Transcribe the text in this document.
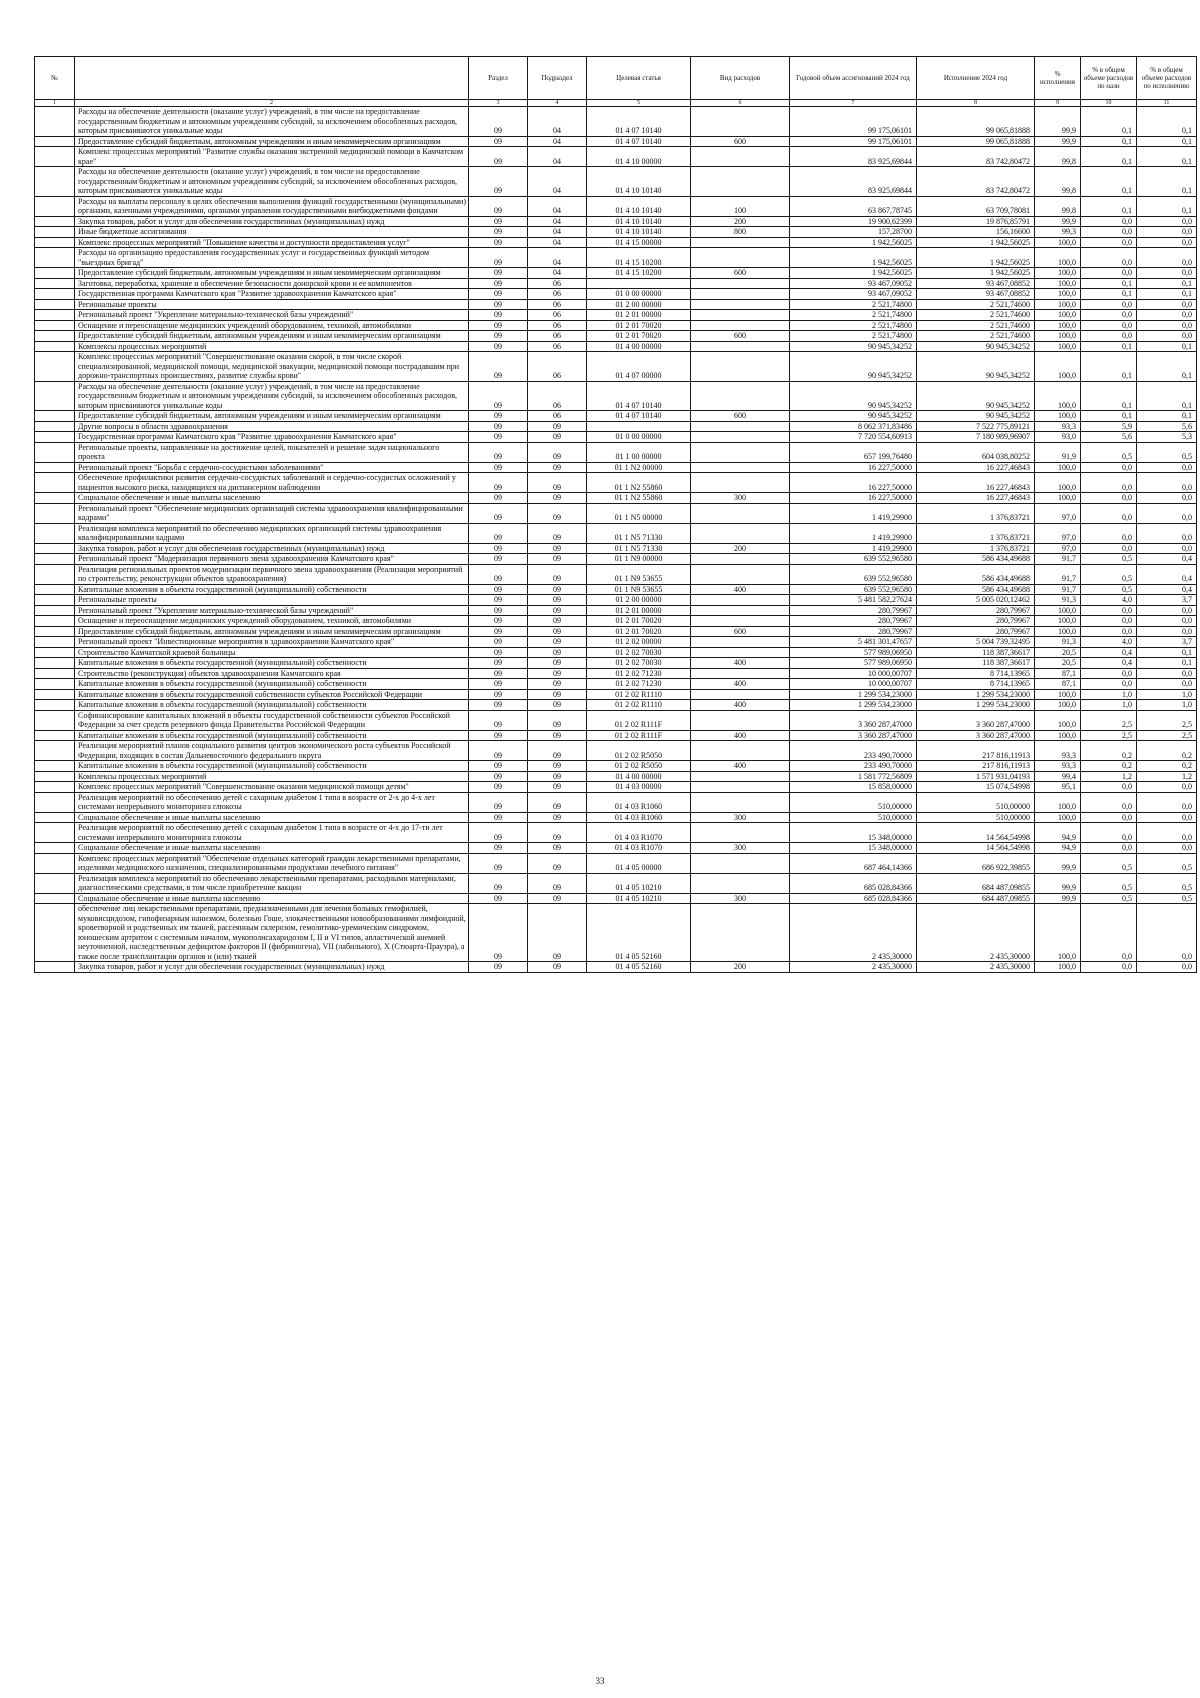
№		Раздел	Подраздел	Целевая статья	Вид расходов	Годовой объем ассигнований 2024 год	Исполнение 2024 год	% исполнения	% в общем объеме расходов по назн	% в общем объеме расходов по исполнению
1	2	3	4	5	6	7	8	9	10	11
	Расходы на обеспечение деятельности (оказание услуг) учреждений, в том числе на предоставление государственным бюджетным и автономным учреждениям субсидий, за исключением обособленных расходов, которым присваиваются уникальные коды	09	04	01 4 07 10140		99 175,06101	99 065,81888	99,9	0,1	0,1
	Предоставление субсидий бюджетным, автономным учреждениям и иным некоммерческим организациям	09	04	01 4 07 10140	600	99 175,06101	99 065,81888	99,9	0,1	0,1
	Комплекс процессных мероприятий "Развитие службы оказания экстренной медицинской помощи в Камчатском крае"	09	04	01 4 10 00000		83 925,69844	83 742,80472	99,8	0,1	0,1
	Расходы на обеспечение деятельности (оказание услуг) учреждений, в том числе на предоставление государственным бюджетным и автономным учреждениям субсидий, за исключением обособленных расходов, которым присваиваются уникальные коды	09	04	01 4 10 10140		83 925,69844	83 742,80472	99,8	0,1	0,1
	Расходы на выплаты персоналу в целях обеспечения выполнения функций государственными (муниципальными) органами, казенными учреждениями, органами управления государственными внебюджетными фондами	09	04	01 4 10 10140	100	63 867,78745	63 709,78081	99,8	0,1	0,1
	Закупка товаров, работ и услуг для обеспечения государственных (муниципальных) нужд	09	04	01 4 10 10140	200	19 900,62399	19 876,85791	99,9	0,0	0,0
	Иные бюджетные ассигнования	09	04	01 4 10 10140	800	157,28700	156,16600	99,3	0,0	0,0
	Комплекс процессных мероприятий "Повышение качества и доступности предоставления услуг"	09	04	01 4 15 00000		1 942,56025	1 942,56025	100,0	0,0	0,0
	Расходы на организацию предоставления государственных услуг и государственных функций методом "выездных бригад"	09	04	01 4 15 10200		1 942,56025	1 942,56025	100,0	0,0	0,0
	Предоставление субсидий бюджетным, автономным учреждениям и иным некоммерческим организациям	09	04	01 4 15 10200	600	1 942,56025	1 942,56025	100,0	0,0	0,0
	Заготовка, переработка, хранение и обеспечение безопасности донорской крови и ее компонентов	09	06			93 467,09052	93 467,08852	100,0	0,1	0,1
	Государственная программа Камчатского края "Развитие здравоохранения Камчатского края"	09	06	01 0 00 00000		93 467,09052	93 467,08852	100,0	0,1	0,1
	Региональные проекты	09	06	01 2 00 00000		2 521,74800	2 521,74600	100,0	0,0	0,0
	Региональный проект "Укрепление материально-технической базы учреждений"	09	06	01 2 01 00000		2 521,74800	2 521,74600	100,0	0,0	0,0
	Оснащение и переоснащение медицинских учреждений оборудованием, техникой, автомобилями	09	06	01 2 01 70020		2 521,74800	2 521,74600	100,0	0,0	0,0
	Предоставление субсидий бюджетным, автономным учреждениям и иным некоммерческим организациям	09	06	01 2 01 70020	600	2 521,74800	2 521,74600	100,0	0,0	0,0
	Комплексы процессных мероприятий	09	06	01 4 00 00000		90 945,34252	90 945,34252	100,0	0,1	0,1
	Комплекс процессных мероприятий "Совершенствование оказания скорой, в том числе скорой специализированной, медицинской помощи, медицинской эвакуации, медицинской помощи пострадавшим при дорожно-транспортных происшествиях, развитие службы крови"	09	06	01 4 07 00000		90 945,34252	90 945,34252	100,0	0,1	0,1
	Расходы на обеспечение деятельности (оказание услуг) учреждений, в том числе на предоставление государственным бюджетным и автономным учреждениям субсидий, за исключением обособленных расходов, которым присваиваются уникальные коды	09	06	01 4 07 10140		90 945,34252	90 945,34252	100,0	0,1	0,1
	Предоставление субсидий бюджетным, автономным учреждениям и иным некоммерческим организациям	09	06	01 4 07 10140	600	90 945,34252	90 945,34252	100,0	0,1	0,1
	Другие вопросы в области здравоохранения	09	09			8 062 371,83486	7 522 775,89121	93,3	5,9	5,6
	Государственная программа Камчатского края "Развитие здравоохранения Камчатского края"	09	09	01 0 00 00000		7 720 554,60913	7 180 989,96907	93,0	5,6	5,3
	Региональные проекты, направленные на достижение целей, показателей и решение задач национального проекта	09	09	01 1 00 00000		657 199,76480	604 038,80252	91,9	0,5	0,5
	Региональный проект "Борьба с сердечно-сосудистыми заболеваниями"	09	09	01 1 N2 00000		16 227,50000	16 227,46843	100,0	0,0	0,0
	Обеспечение профилактики развития сердечно-сосудистых заболеваний и сердечно-сосудистых осложнений у пациентов высокого риска, находящихся на диспансерном наблюдении	09	09	01 1 N2 55860		16 227,50000	16 227,46843	100,0	0,0	0,0
	Социальное обеспечение и иные выплаты населению	09	09	01 1 N2 55860	300	16 227,50000	16 227,46843	100,0	0,0	0,0
	Региональный проект "Обеспечение медицинских организаций системы здравоохранения квалифицированными кадрами"	09	09	01 1 N5 00000		1 419,29900	1 376,83721	97,0	0,0	0,0
	Реализация комплекса мероприятий по обеспечению медицинских организаций системы здравоохранения квалифицированными кадрами	09	09	01 1 N5 71330		1 419,29900	1 376,83721	97,0	0,0	0,0
	Закупка товаров, работ и услуг для обеспечения государственных (муниципальных) нужд	09	09	01 1 N5 71330	200	1 419,29900	1 376,83721	97,0	0,0	0,0
	Региональный проект "Модернизация первичного звена здравоохранения Камчатского края"	09	09	01 1 N9 00000		639 552,96580	586 434,49688	91,7	0,5	0,4
	Реализация региональных проектов модернизации первичного звена здравоохранения (Реализация мероприятий по строительству, реконструкции объектов здравоохранения)	09	09	01 1 N9 53655		639 552,96580	586 434,49688	91,7	0,5	0,4
	Капитальные вложения в объекты государственной (муниципальной) собственности	09	09	01 1 N9 53655	400	639 552,96580	586 434,49688	91,7	0,5	0,4
	Региональные проекты	09	09	01 2 00 00000		5 481 582,27624	5 005 020,12462	91,3	4,0	3,7
	Региональный проект "Укрепление материально-технической базы учреждений"	09	09	01 2 01 00000		280,79967	280,79967	100,0	0,0	0,0
	Оснащение и переоснащение медицинских учреждений оборудованием, техникой, автомобилями	09	09	01 2 01 70020		280,79967	280,79967	100,0	0,0	0,0
	Предоставление субсидий бюджетным, автономным учреждениям и иным некоммерческим организациям	09	09	01 2 01 70020	600	280,79967	280,79967	100,0	0,0	0,0
	Региональный проект "Инвестиционные мероприятия в здравоохранении Камчатского края"	09	09	01 2 02 00000		5 481 301,47657	5 004 739,32495	91,3	4,0	3,7
	Строительство Камчатской краевой больницы	09	09	01 2 02 70030		577 989,06950	118 387,36617	20,5	0,4	0,1
	Капитальные вложения в объекты государственной (муниципальной) собственности	09	09	01 2 02 70030	400	577 989,06950	118 387,36617	20,5	0,4	0,1
	Строительство (реконструкция) объектов здравоохранения Камчатского края	09	09	01 2 02 71230		10 000,00707	8 714,13965	87,1	0,0	0,0
	Капитальные вложения в объекты государственной (муниципальной) собственности	09	09	01 2 02 71230	400	10 000,00707	8 714,13965	87,1	0,0	0,0
	Капитальные вложения в объекты государственной собственности субъектов Российской Федерации	09	09	01 2 02 R1110		1 299 534,23000	1 299 534,23000	100,0	1,0	1,0
	Капитальные вложения в объекты государственной (муниципальной) собственности	09	09	01 2 02 R1110	400	1 299 534,23000	1 299 534,23000	100,0	1,0	1,0
	Софинансирование капитальных вложений в объекты государственной собственности субъектов Российской Федерации за счет средств резервного фонда Правительства Российской Федерации	09	09	01 2 02 R111F		3 360 287,47000	3 360 287,47000	100,0	2,5	2,5
	Капитальные вложения в объекты государственной (муниципальной) собственности	09	09	01 2 02 R111F	400	3 360 287,47000	3 360 287,47000	100,0	2,5	2,5
	Реализация мероприятий планов социального развития центров экономического роста субъектов Российской Федерации, входящих в состав Дальневосточного федерального округа	09	09	01 2 02 R5050		233 490,70000	217 816,11913	93,3	0,2	0,2
	Капитальные вложения в объекты государственной (муниципальной) собственности	09	09	01 2 02 R5050	400	233 490,70000	217 816,11913	93,3	0,2	0,2
	Комплексы процессных мероприятий	09	09	01 4 00 00000		1 581 772,56809	1 571 931,04193	99,4	1,2	1,2
	Комплекс процессных мероприятий "Совершенствование оказания медицинской помощи детям"	09	09	01 4 03 00000		15 858,00000	15 074,54998	95,1	0,0	0,0
	Реализация мероприятий по обеспечению детей с сахарным диабетом 1 типа в возрасте от 2-х до 4-х лет системами непрерывного мониторинга глюкозы	09	09	01 4 03 R1060		510,00000	510,00000	100,0	0,0	0,0
	Социальное обеспечение и иные выплаты населению	09	09	01 4 03 R1060	300	510,00000	510,00000	100,0	0,0	0,0
	Реализация мероприятий по обеспечению детей с сахарным диабетом 1 типа в возрасте от 4-х до 17-ти лет системами непрерывного мониторинга глюкозы	09	09	01 4 03 R1070		15 348,00000	14 564,54998	94,9	0,0	0,0
	Социальное обеспечение и иные выплаты населению	09	09	01 4 03 R1070	300	15 348,00000	14 564,54998	94,9	0,0	0,0
	Комплекс процессных мероприятий "Обеспечение отдельных категорий граждан лекарственными препаратами, изделиями медицинского назначения, специализированными продуктами лечебного питания"	09	09	01 4 05 00000		687 464,14366	686 922,39855	99,9	0,5	0,5
	Реализация комплекса мероприятий по обеспечению лекарственными препаратами, расходными материалами, диагностическими средствами, в том числе приобретение вакцин	09	09	01 4 05 10210		685 028,84366	684 487,09855	99,9	0,5	0,5
	Социальное обеспечение и иные выплаты населению	09	09	01 4 05 10210	300	685 028,84366	684 487,09855	99,9	0,5	0,5
	обеспечение лиц лекарственными препаратами, предназначенными для лечения больных гемофилией, муковисцидозом, гипофизарным нанизмом, болезнью Гоше, злокачественными новообразованиями лимфоидной, кроветворной и родственных им тканей, рассеянным склерозом, гемолитико-уремическим синдромом, юношеским артритом с системным началом, мукополисахаридозом I, II и VI типов, апластической анемией неуточненной, наследственным дефицитом факторов II (фибриногена), VII (лабильного), X (Стюарта-Прауэра), а также после трансплантации органов и (или) тканей	09	09	01 4 05 52160		2 435,30000	2 435,30000	100,0	0,0	0,0
	Закупка товаров, работ и услуг для обеспечения государственных (муниципальных) нужд	09	09	01 4 05 52160	200	2 435,30000	2 435,30000	100,0	0,0	0,0
33
